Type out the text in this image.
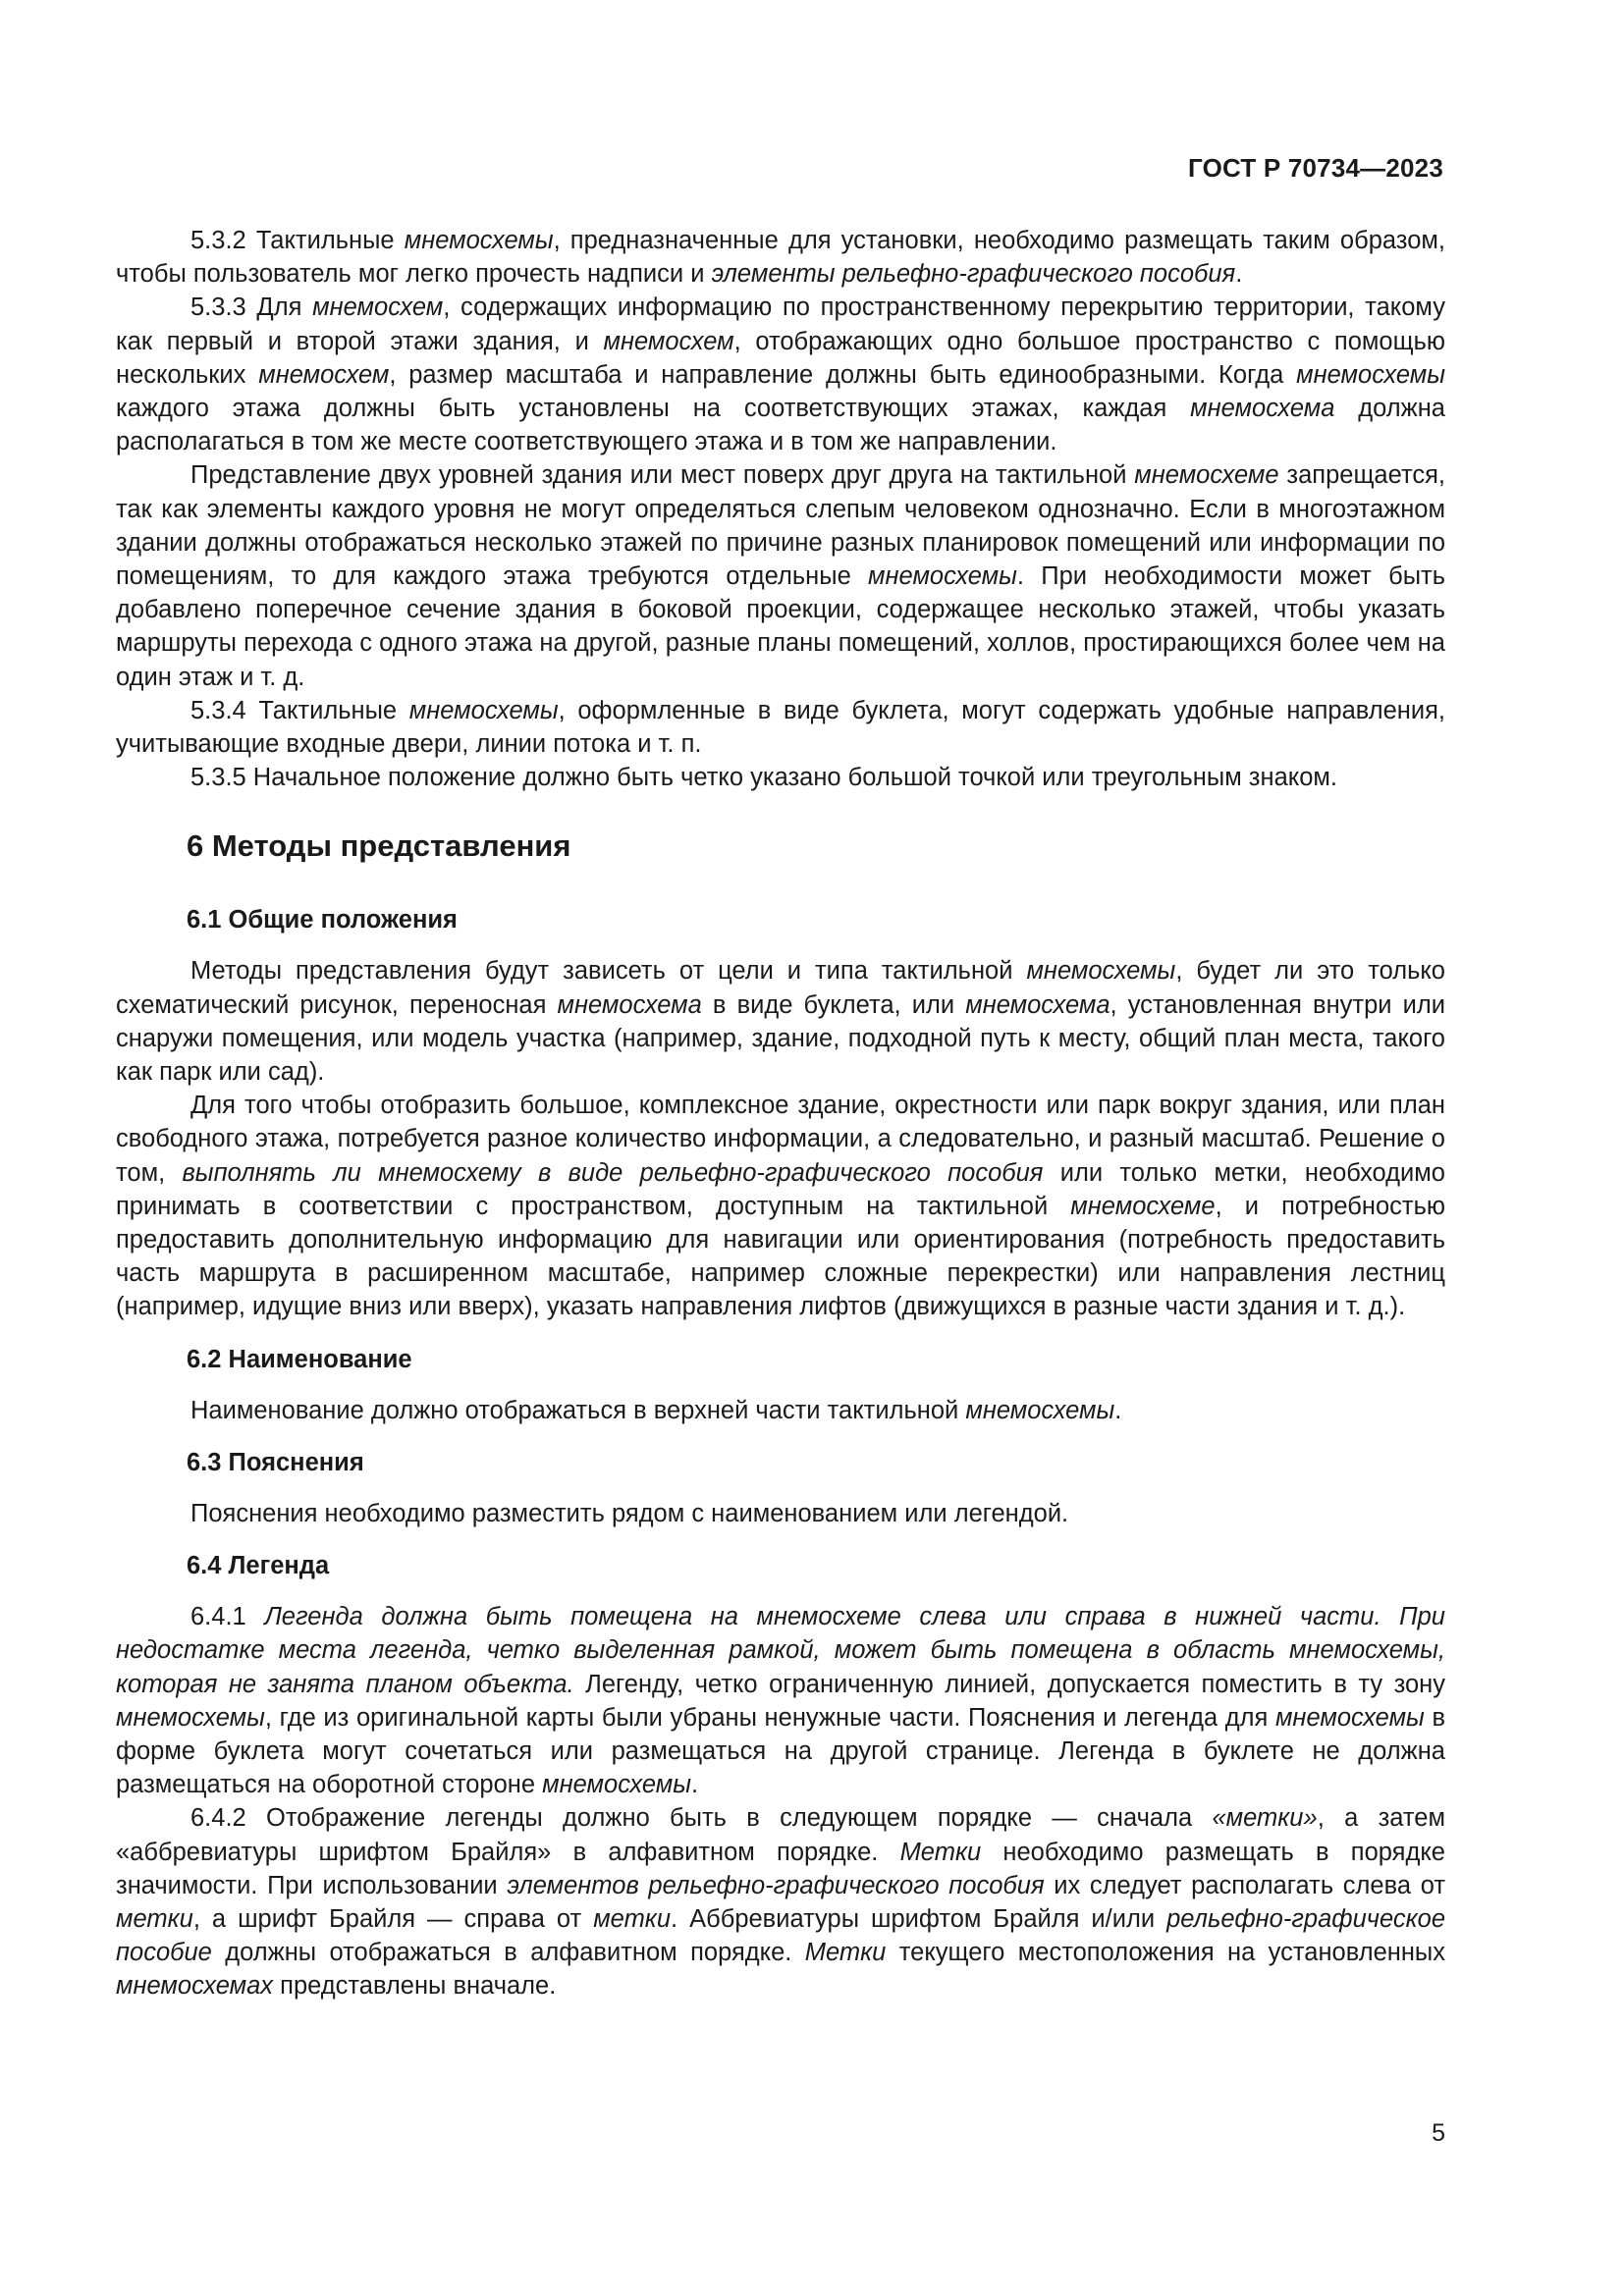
ГОСТ Р 70734—2023

5.3.2 Тактильные мнемосхемы, предназначенные для установки, необходимо размещать таким образом, чтобы пользователь мог легко прочесть надписи и элементы рельефно-графического пособия.

5.3.3 Для мнемосхем, содержащих информацию по пространственному перекрытию территории, такому как первый и второй этажи здания, и мнемосхем, отображающих одно большое пространство с помощью нескольких мнемосхем, размер масштаба и направление должны быть единообразными. Когда мнемосхемы каждого этажа должны быть установлены на соответствующих этажах, каждая мнемосхема должна располагаться в том же месте соответствующего этажа и в том же направлении.

Представление двух уровней здания или мест поверх друг друга на тактильной мнемосхеме запрещается, так как элементы каждого уровня не могут определяться слепым человеком однозначно. Если в многоэтажном здании должны отображаться несколько этажей по причине разных планировок помещений или информации по помещениям, то для каждого этажа требуются отдельные мнемосхемы. При необходимости может быть добавлено поперечное сечение здания в боковой проекции, содержащее несколько этажей, чтобы указать маршруты перехода с одного этажа на другой, разные планы помещений, холлов, простирающихся более чем на один этаж и т. д.

5.3.4 Тактильные мнемосхемы, оформленные в виде буклета, могут содержать удобные направления, учитывающие входные двери, линии потока и т. п.

5.3.5 Начальное положение должно быть четко указано большой точкой или треугольным знаком.

6 Методы представления
6.1 Общие положения

Методы представления будут зависеть от цели и типа тактильной мнемосхемы, будет ли это только схематический рисунок, переносная мнемосхема в виде буклета, или мнемосхема, установленная внутри или снаружи помещения, или модель участка (например, здание, подходной путь к месту, общий план места, такого как парк или сад).

Для того чтобы отобразить большое, комплексное здание, окрестности или парк вокруг здания, или план свободного этажа, потребуется разное количество информации, а следовательно, и разный масштаб. Решение о том, выполнять ли мнемосхему в виде рельефно-графического пособия или только метки, необходимо принимать в соответствии с пространством, доступным на тактильной мнемосхеме, и потребностью предоставить дополнительную информацию для навигации или ориентирования (потребность предоставить часть маршрута в расширенном масштабе, например сложные перекрестки) или направления лестниц (например, идущие вниз или вверх), указать направления лифтов (движущихся в разные части здания и т. д.).

6.2 Наименование

Наименование должно отображаться в верхней части тактильной мнемосхемы.

6.3 Пояснения

Пояснения необходимо разместить рядом с наименованием или легендой.

6.4 Легенда

6.4.1 Легенда должна быть помещена на мнемосхеме слева или справа в нижней части. При недостатке места легенда, четко выделенная рамкой, может быть помещена в область мнемосхемы, которая не занята планом объекта. Легенду, четко ограниченную линией, допускается поместить в ту зону мнемосхемы, где из оригинальной карты были убраны ненужные части. Пояснения и легенда для мнемосхемы в форме буклета могут сочетаться или размещаться на другой странице. Легенда в буклете не должна размещаться на оборотной стороне мнемосхемы.

6.4.2 Отображение легенды должно быть в следующем порядке — сначала «метки», а затем «аббревиатуры шрифтом Брайля» в алфавитном порядке. Метки необходимо размещать в порядке значимости. При использовании элементов рельефно-графического пособия их следует располагать слева от метки, а шрифт Брайля — справа от метки. Аббревиатуры шрифтом Брайля и/или рельефно-графическое пособие должны отображаться в алфавитном порядке. Метки текущего местоположения на установленных мнемосхемах представлены вначале.

5
